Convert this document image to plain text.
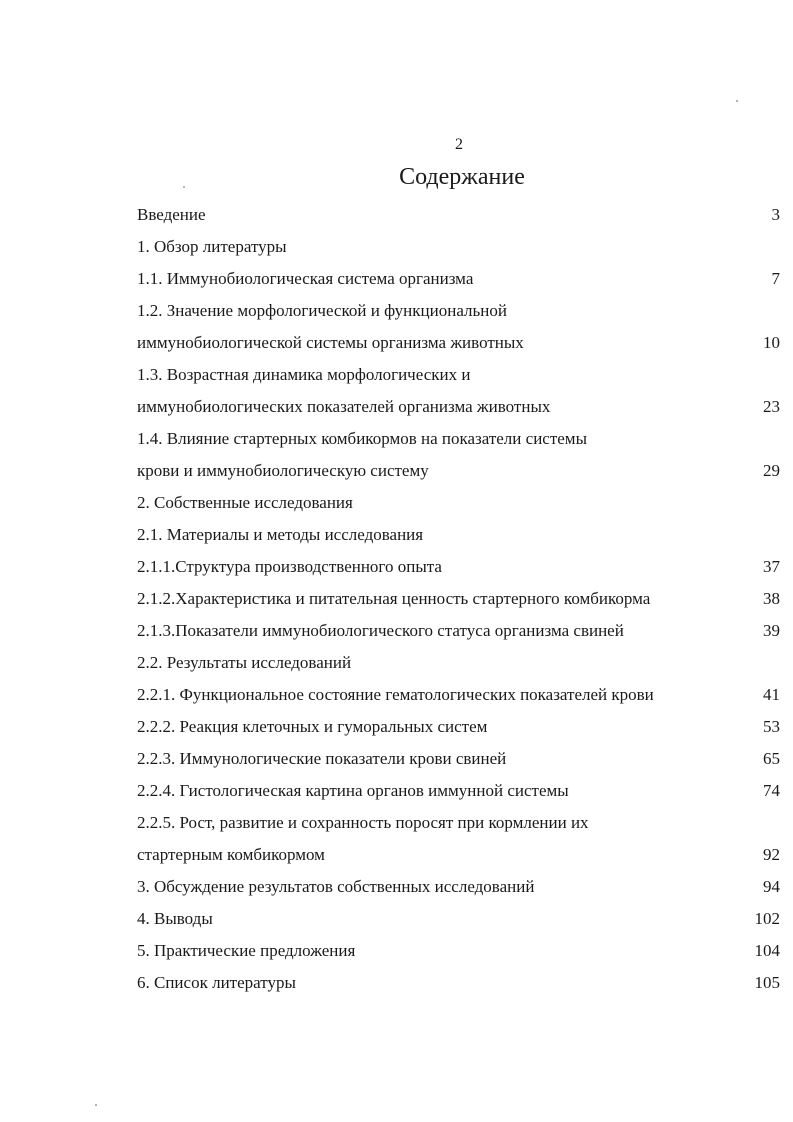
2
Содержание
Введение	3
1. Обзор литературы
1.1. Иммунобиологическая система организма	7
1.2. Значение морфологической и функциональной
иммунобиологической системы организма животных	10
1.3. Возрастная динамика морфологических и
иммунобиологических показателей организма животных	23
1.4. Влияние стартерных комбикормов на показатели системы
крови и иммунобиологическую систему	29
2. Собственные исследования
2.1. Материалы и методы исследования
2.1.1.Структура производственного опыта	37
2.1.2.Характеристика и питательная ценность стартерного комбикорма	38
2.1.3.Показатели иммунобиологического статуса организма свиней	39
2.2. Результаты исследований
2.2.1. Функциональное состояние гематологических показателей крови	41
2.2.2. Реакция клеточных и гуморальных систем	53
2.2.3. Иммунологические показатели крови свиней	65
2.2.4. Гистологическая картина органов иммунной системы	74
2.2.5. Рост, развитие и сохранность поросят при кормлении их
стартерным комбикормом	92
3. Обсуждение результатов собственных исследований	94
4. Выводы	102
5. Практические предложения	104
6. Список литературы	105
